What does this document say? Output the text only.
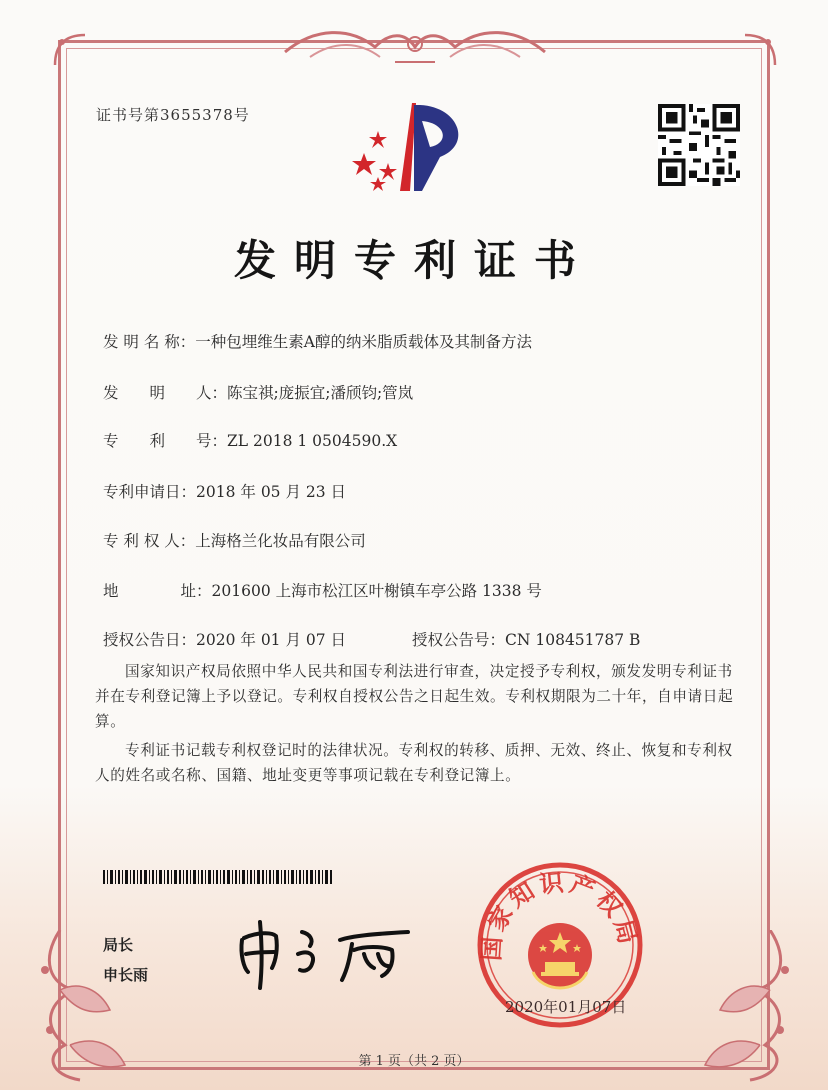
证书号第3655378号
发明专利证书
发 明 名 称：一种包埋维生素A醇的纳米脂质载体及其制备方法
发　　明　　人：陈宝祺;庞振宜;潘颀钧;管岚
专　　利　　号：ZL 2018 1 0504590.X
专利申请日：2018 年 05 月 23 日
专 利 权 人：上海格兰化妆品有限公司
地　　　　址：201600 上海市松江区叶榭镇车亭公路 1338 号
授权公告日：2020 年 01 月 07 日	授权公告号：CN 108451787 B
国家知识产权局依照中华人民共和国专利法进行审查，决定授予专利权，颁发发明专利证书并在专利登记簿上予以登记。专利权自授权公告之日起生效。专利权期限为二十年，自申请日起算。
专利证书记载专利权登记时的法律状况。专利权的转移、质押、无效、终止、恢复和专利权人的姓名或名称、国籍、地址变更等事项记载在专利登记簿上。
局长
申长雨
国家知识产权局
2020年01月07日
第 1 页（共 2 页）
